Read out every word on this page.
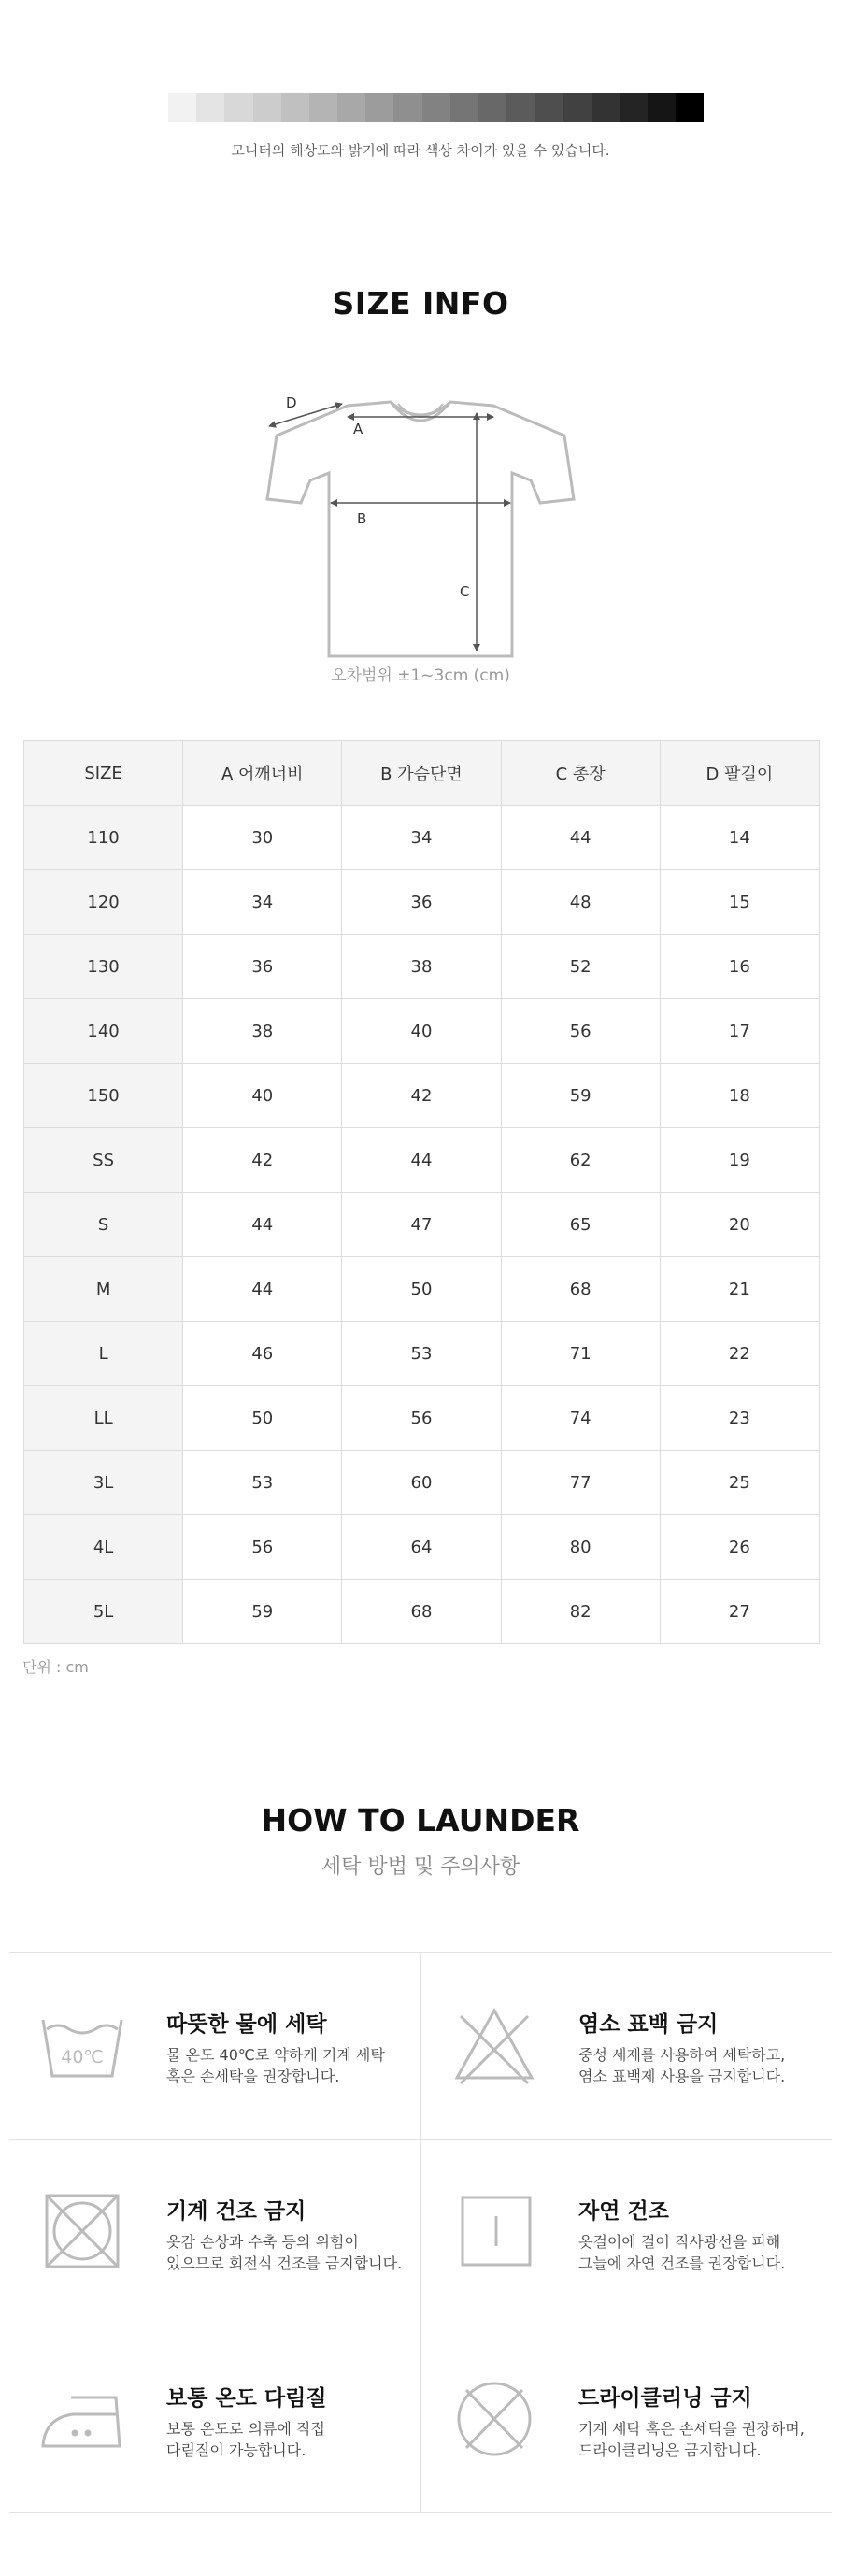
모니터의 해상도와 밝기에 따라 색상 차이가 있을 수 있습니다.
SIZE INFO
D
A
B
C
오차범위 ±1~3cm (cm)
SIZE	A 어깨너비	B 가슴단면	C 총장	D 팔길이
110	30	34	44	14
120	34	36	48	15
130	36	38	52	16
140	38	40	56	17
150	40	42	59	18
SS	42	44	62	19
S	44	47	65	20
M	44	50	68	21
L	46	53	71	22
LL	50	56	74	23
3L	53	60	77	25
4L	56	64	80	26
5L	59	68	82	27
단위 : cm
HOW TO LAUNDER
세탁 방법 및 주의사항
40℃
따뜻한 물에 세탁
물 온도 40℃로 약하게 기계 세탁
혹은 손세탁을 권장합니다.
염소 표백 금지
중성 세제를 사용하여 세탁하고,
염소 표백제 사용을 금지합니다.
기계 건조 금지
옷감 손상과 수축 등의 위험이
있으므로 회전식 건조를 금지합니다.
자연 건조
옷걸이에 걸어 직사광선을 피해
그늘에 자연 건조를 권장합니다.
보통 온도 다림질
보통 온도로 의류에 직접
다림질이 가능합니다.
드라이클리닝 금지
기계 세탁 혹은 손세탁을 권장하며,
드라이클리닝은 금지합니다.
